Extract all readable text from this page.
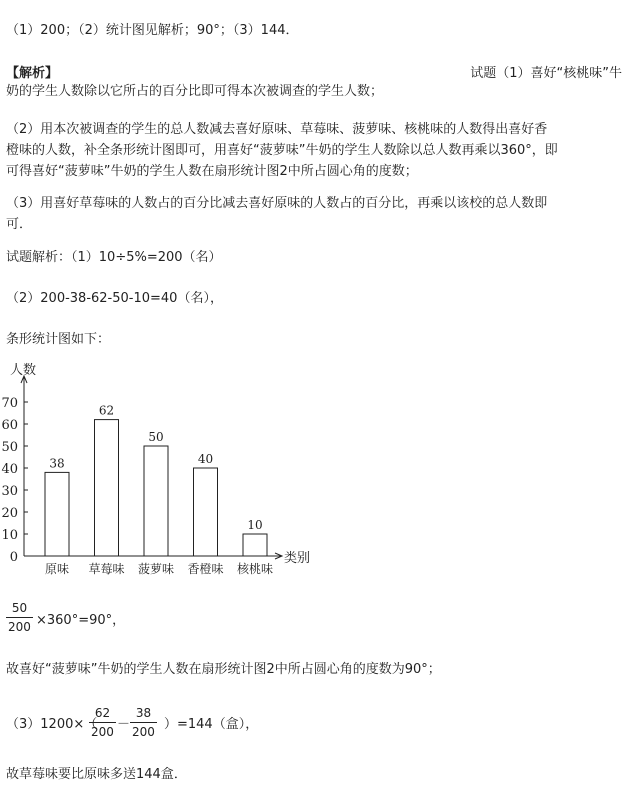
（1）200；（2）统计图见解析；90°；（3）144．
【解析】	试题（1）喜好“核桃味”牛
奶的学生人数除以它所占的百分比即可得本次被调查的学生人数；
（2）用本次被调查的学生的总人数减去喜好原味、草莓味、菠萝味、核桃味的人数得出喜好香
橙味的人数，补全条形统计图即可，用喜好“菠萝味”牛奶的学生人数除以总人数再乘以360°，即
可得喜好“菠萝味”牛奶的学生人数在扇形统计图2中所占圆心角的度数；
（3）用喜好草莓味的人数占的百分比减去喜好原味的人数占的百分比，再乘以该校的总人数即
可．
试题解析：（1）10÷5%=200（名）
（2）200-38-62-50-10=40（名），
条形统计图如下：
人数
类别
0
10
20
30
40
50
60
70
38
原味
62
草莓味
50
菠萝味
40
香橙味
10
核桃味
50
200 ×360°=90°，
故喜好“菠萝味”牛奶的学生人数在扇形统计图2中所占圆心角的度数为90°；
（3）1200×（
62
200 －
38
200 ）=144（盒），
故草莓味要比原味多送144盒．
